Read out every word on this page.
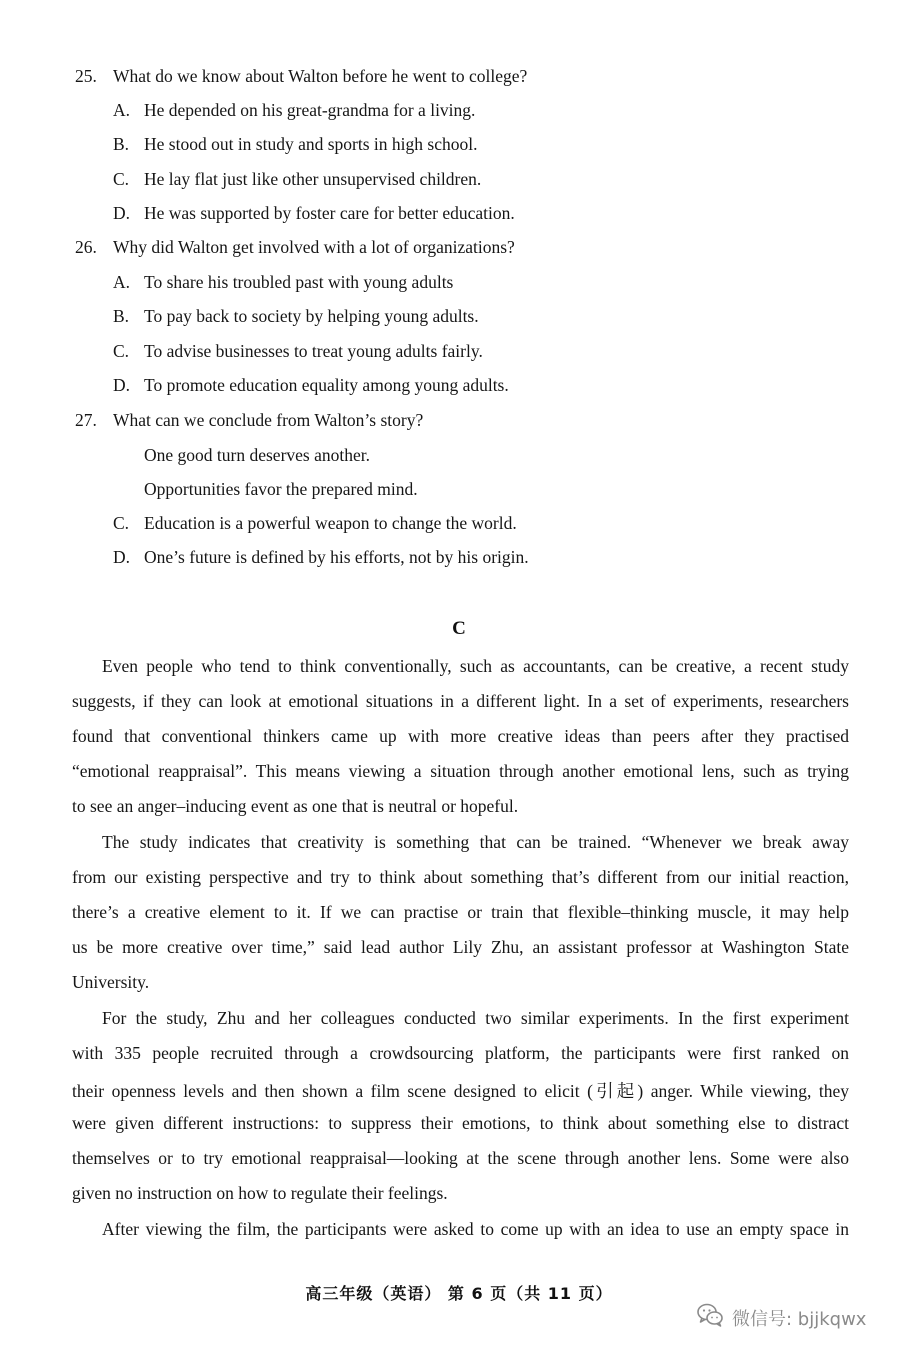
25. What do we know about Walton before he went to college?
A. He depended on his great-grandma for a living.
B. He stood out in study and sports in high school.
C. He lay flat just like other unsupervised children.
D. He was supported by foster care for better education.
26. Why did Walton get involved with a lot of organizations?
A. To share his troubled past with young adults
B. To pay back to society by helping young adults.
C. To advise businesses to treat young adults fairly.
D. To promote education equality among young adults.
27. What can we conclude from Walton’s story?
One good turn deserves another.
Opportunities favor the prepared mind.
C. Education is a powerful weapon to change the world.
D. One’s future is defined by his efforts, not by his origin.
C
Even people who tend to think conventionally, such as accountants, can be creative, a recent study
suggests, if they can look at emotional situations in a different light. In a set of experiments, researchers
found that conventional thinkers came up with more creative ideas than peers after they practised
“emotional reappraisal”. This means viewing a situation through another emotional lens, such as trying
to see an anger–inducing event as one that is neutral or hopeful.
The study indicates that creativity is something that can be trained. “Whenever we break away
from our existing perspective and try to think about something that’s different from our initial reaction,
there’s a creative element to it. If we can practise or train that flexible–thinking muscle, it may help
us be more creative over time,” said lead author Lily Zhu, an assistant professor at Washington State
University.
For the study, Zhu and her colleagues conducted two similar experiments. In the first experiment
with 335 people recruited through a crowdsourcing platform, the participants were first ranked on
their openness levels and then shown a film scene designed to elicit (引起) anger. While viewing, they
were given different instructions: to suppress their emotions, to think about something else to distract
themselves or to try emotional reappraisal—looking at the scene through another lens. Some were also
given no instruction on how to regulate their feelings.
After viewing the film, the participants were asked to come up with an idea to use an empty space in
高三年级（英语） 第 6 页（共 11 页）
微信号: bjjkqwx
